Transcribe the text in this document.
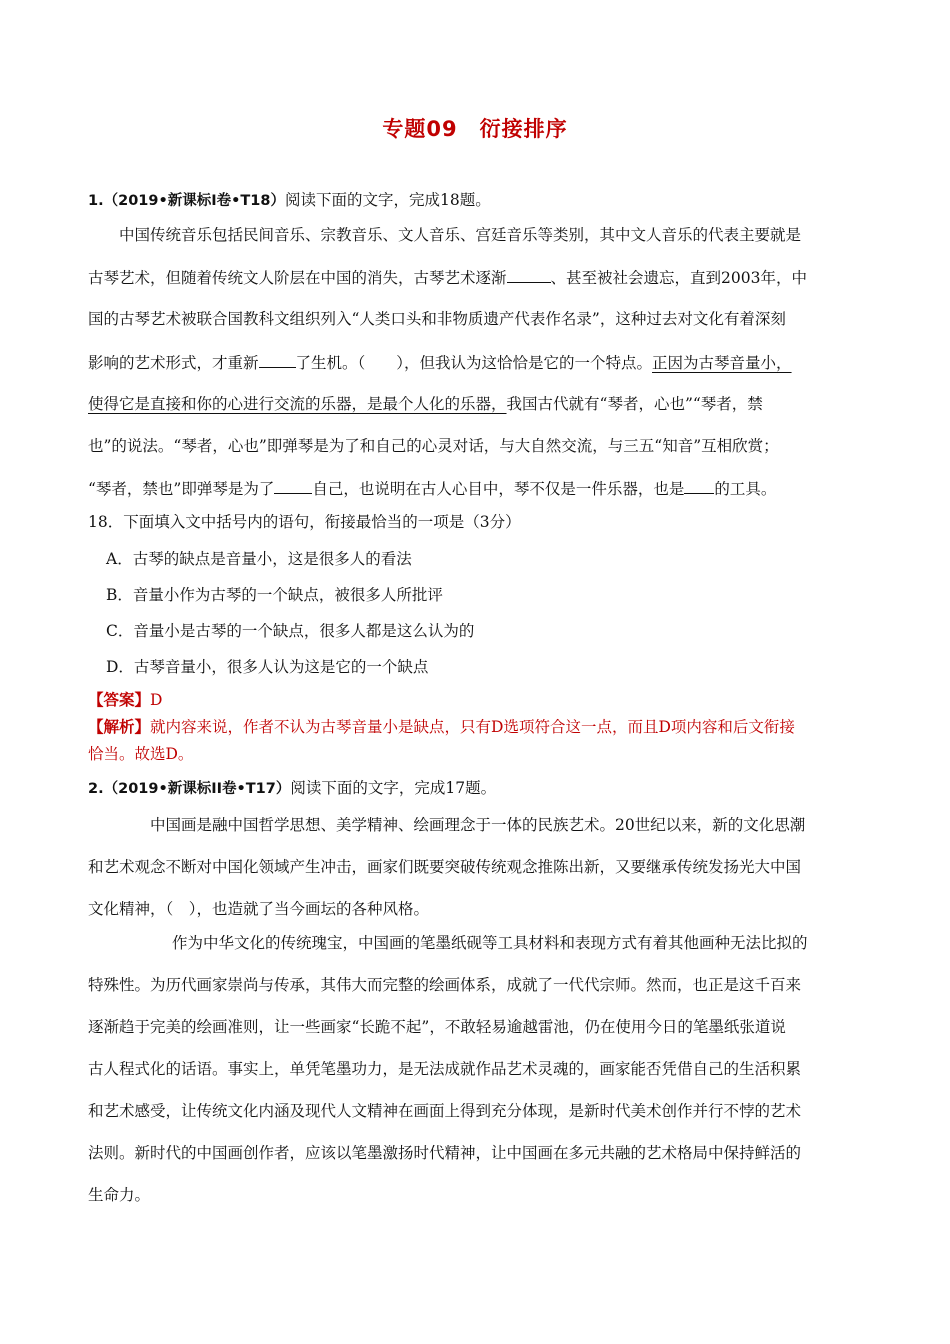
专题09　衍接排序
1.（2019•新课标Ⅰ卷•T18）阅读下面的文字，完成18题。
中国传统音乐包括民间音乐、宗教音乐、文人音乐、宫廷音乐等类别，其中文人音乐的代表主要就是
古琴艺术，但随着传统文人阶层在中国的消失，古琴艺术逐渐	、甚至被社会遗忘，直到2003年，中
国的古琴艺术被联合国教科文组织列入“人类口头和非物质遗产代表作名录”，这种过去对文化有着深刻
影响的艺术形式，才重新 了生机。（　　），但我认为这恰恰是它的一个特点。正因为古琴音量小，
使得它是直接和你的心进行交流的乐器，是最个人化的乐器，我国古代就有“琴者，心也”“琴者，禁
也”的说法。“琴者，心也”即弹琴是为了和自己的心灵对话，与大自然交流，与三五“知音”互相欣赏；
“琴者，禁也”即弹琴是为了 自己，也说明在古人心目中，琴不仅是一件乐器，也是 的工具。
18．下面填入文中括号内的语句，衔接最恰当的一项是（3分）
A．古琴的缺点是音量小，这是很多人的看法
B．音量小作为古琴的一个缺点，被很多人所批评
C．音量小是古琴的一个缺点，很多人都是这么认为的
D．古琴音量小，很多人认为这是它的一个缺点
【答案】D
【解析】就内容来说，作者不认为古琴音量小是缺点，只有D选项符合这一点，而且D项内容和后文衔接
恰当。故选D。
2.（2019•新课标II卷•T17）阅读下面的文字，完成17题。
中国画是融中国哲学思想、美学精神、绘画理念于一体的民族艺术。20世纪以来，新的文化思潮
和艺术观念不断对中国化领域产生冲击，画家们既要突破传统观念推陈出新，又要继承传统发扬光大中国
文化精神，（　），也造就了当今画坛的各种风格。
作为中华文化的传统瑰宝，中国画的笔墨纸砚等工具材料和表现方式有着其他画种无法比拟的
特殊性。为历代画家崇尚与传承，其伟大而完整的绘画体系，成就了一代代宗师。然而，也正是这千百来
逐渐趋于完美的绘画准则，让一些画家“长跪不起”，不敢轻易逾越雷池，仍在使用今日的笔墨纸张道说
古人程式化的话语。事实上，单凭笔墨功力，是无法成就作品艺术灵魂的，画家能否凭借自己的生活积累
和艺术感受，让传统文化内涵及现代人文精神在画面上得到充分体现，是新时代美术创作并行不悖的艺术
法则。新时代的中国画创作者，应该以笔墨激扬时代精神，让中国画在多元共融的艺术格局中保持鲜活的
生命力。
